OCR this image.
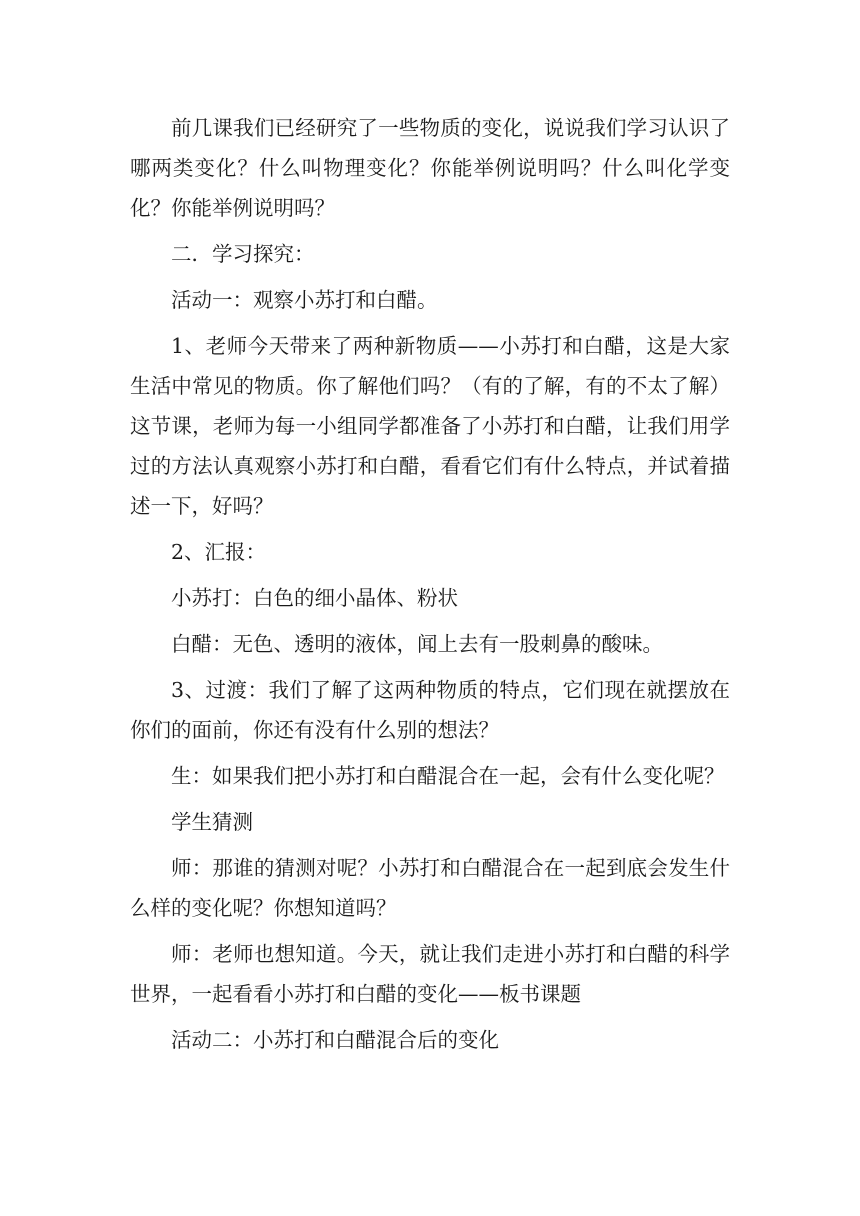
前几课我们已经研究了一些物质的变化，说说我们学习认识了哪两类变化？什么叫物理变化？你能举例说明吗？什么叫化学变化？你能举例说明吗？

二．学习探究：

活动一：观察小苏打和白醋。

1、老师今天带来了两种新物质——小苏打和白醋，这是大家生活中常见的物质。你了解他们吗？（有的了解，有的不太了解）这节课，老师为每一小组同学都准备了小苏打和白醋，让我们用学过的方法认真观察小苏打和白醋，看看它们有什么特点，并试着描述一下，好吗？

2、汇报：

小苏打：白色的细小晶体、粉状

白醋：无色、透明的液体，闻上去有一股刺鼻的酸味。

3、过渡：我们了解了这两种物质的特点，它们现在就摆放在你们的面前，你还有没有什么别的想法？

生：如果我们把小苏打和白醋混合在一起，会有什么变化呢？

学生猜测

师：那谁的猜测对呢？小苏打和白醋混合在一起到底会发生什么样的变化呢？你想知道吗？

师：老师也想知道。今天，就让我们走进小苏打和白醋的科学世界，一起看看小苏打和白醋的变化——板书课题

活动二：小苏打和白醋混合后的变化
